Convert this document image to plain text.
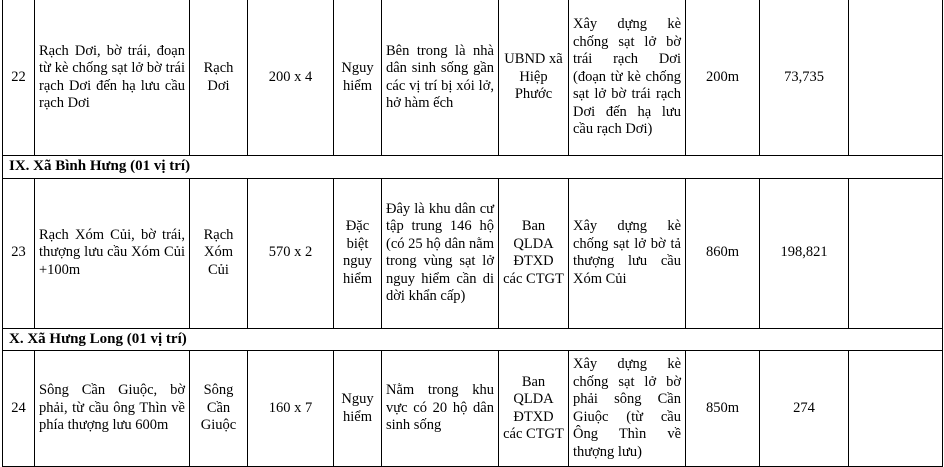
22	Rạch Dơi, bờ trái, đoạn từ kè chống sạt lở bờ trái rạch Dơi đến hạ lưu cầu rạch Dơi	Rạch Dơi	200 x 4	Nguy hiểm	Bên trong là nhà dân sinh sống gần các vị trí bị xói lở, hở hàm ếch	UBND xã Hiệp Phước	Xây dựng kè chống sạt lở bờ trái rạch Dơi (đoạn từ kè chống sạt lở bờ trái rạch Dơi đến hạ lưu cầu rạch Dơi)	200m	73,735	
IX. Xã Bình Hưng (01 vị trí)										
23	Rạch Xóm Củi, bờ trái, thượng lưu cầu Xóm Củi +100m	Rạch Xóm Củi	570 x 2	Đặc biệt nguy hiểm	Đây là khu dân cư tập trung 146 hộ (có 25 hộ dân nằm trong vùng sạt lở nguy hiểm cần di dời khẩn cấp)	Ban QLDA ĐTXD các CTGT	Xây dựng kè chống sạt lở bờ tả thượng lưu cầu Xóm Củi	860m	198,821	
X. Xã Hưng Long (01 vị trí)										
24	Sông Cần Giuộc, bờ phải, từ cầu ông Thìn về phía thượng lưu 600m	Sông Cần Giuộc	160 x 7	Nguy hiểm	Nằm trong khu vực có 20 hộ dân sinh sống	Ban QLDA ĐTXD các CTGT	Xây dựng kè chống sạt lở bờ phải sông Cần Giuộc (từ cầu Ông Thìn về thượng lưu)	850m	274	
